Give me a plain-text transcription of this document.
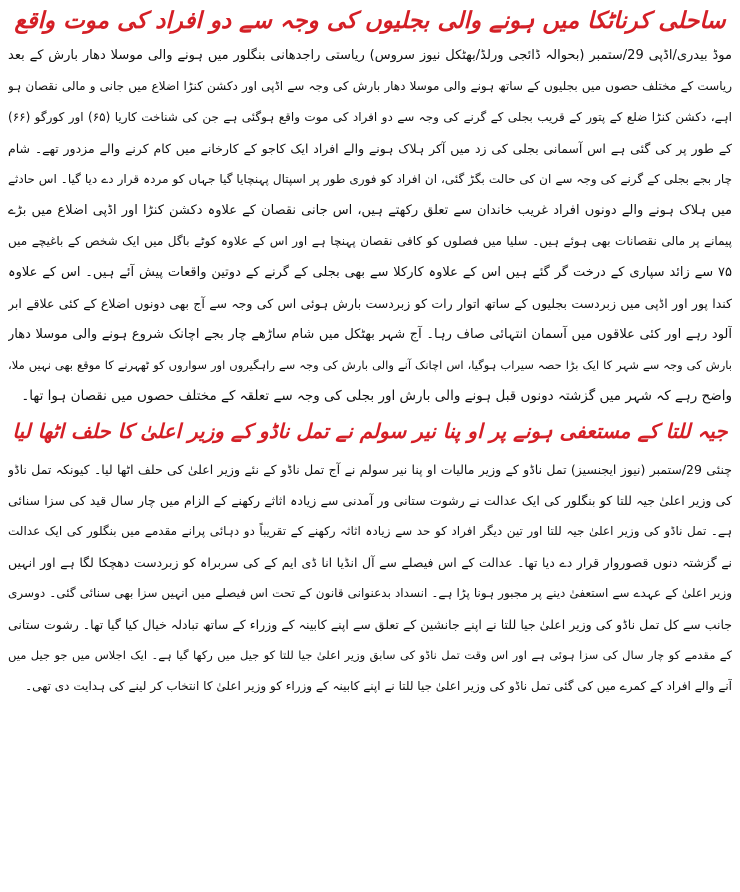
ساحلی کرناٹکا میں ہونے والی بجلیوں کی وجہ سے دو افراد کی موت واقع
موڈ بیدری/اڈپی 29/ستمبر (بحوالہ ڈائجی ورلڈ/بھٹکل نیوز سروس) ریاستی راجدھانی بنگلور میں ہونے والی موسلا دھار بارش کے بعد
ریاست کے مختلف حصوں میں بجلیوں کے ساتھ ہونے والی موسلا دھار بارش کی وجہ سے اڈپی اور دکشن کنڑا اضلاع میں جانی و مالی نقصان ہو
اہے، دکشن کنڑا ضلع کے پتور کے قریب بجلی کے گرنے کی وجہ سے دو افراد کی موت واقع ہوگئی ہے جن کی شناخت کاریا (۶۵) اور کورگو (۶۶)
کے طور پر کی گئی ہے اس آسمانی بجلی کی زد میں آکر ہلاک ہونے والے افراد ایک کاجو کے کارخانے میں کام کرنے والے مزدور تھے۔ شام
چار بجے بجلی کے گرنے کی وجہ سے ان کی حالت بگڑ گئی، ان افراد کو فوری طور پر اسپتال پہنچایا گیا جہاں کو مردہ قرار دے دیا گیا۔ اس حادثے
میں ہلاک ہونے والے دونوں افراد غریب خاندان سے تعلق رکھتے ہیں، اس جانی نقصان کے علاوہ دکشن کنڑا اور اڈپی اضلاع میں بڑے
پیمانے پر مالی نقصانات بھی ہوئے ہیں۔ سلیا میں فصلوں کو کافی نقصان پہنچا ہے اور اس کے علاوہ کوٹے باگل میں ایک شخص کے باغیچے میں
۷۵ سے زائد سپاری کے درخت گر گئے ہیں اس کے علاوہ کارکلا سے بھی بجلی کے گرنے کے دوتین واقعات پیش آئے ہیں۔ اس کے علاوہ
کندا پور اور اڈپی میں زبردست بجلیوں کے ساتھ اتوار رات کو زبردست بارش ہوئی اس کی وجہ سے آج بھی دونوں اضلاع کے کئی علاقے ابر
آلود رہے اور کئی علاقوں میں آسمان انتہائی صاف رہا۔ آج شہر بھٹکل میں شام ساڑھے چار بجے اچانک شروع ہونے والی موسلا دھار
بارش کی وجہ سے شہر کا ایک بڑا حصہ سیراب ہوگیا، اس اچانک آنے والی بارش کی وجہ سے راہگیروں اور سواروں کو ٹھہرنے کا موقع بھی نہیں ملا،
واضح رہے کہ شہر میں گزشتہ دونوں قبل ہونے والی بارش اور بجلی کی وجہ سے تعلقہ کے مختلف حصوں میں نقصان ہوا تھا۔
جیہ للتا کے مستعفی ہونے پر او پنا نیر سولم نے تمل ناڈو کے وزیر اعلیٰ کا حلف اٹھا لیا
چنئی 29/ستمبر (نیوز ایجنسیز) تمل ناڈو کے وزیر مالیات او پنا نیر سولم نے آج تمل ناڈو کے نئے وزیر اعلیٰ کی حلف اٹھا لیا۔ کیونکہ تمل ناڈو
کی وزیر اعلیٰ جیہ للتا کو بنگلور کی ایک عدالت نے رشوت ستانی ور آمدنی سے زیادہ اثاثے رکھنے کے الزام میں چار سال قید کی سزا سنائی
ہے۔ تمل ناڈو کی وزیر اعلیٰ جیہ للتا اور تین دیگر افراد کو حد سے زیادہ اثاثہ رکھنے کے تقریباً دو دہائی پرانے مقدمے میں بنگلور کی ایک عدالت
نے گزشتہ دنوں قصوروار قرار دے دیا تھا۔ عدالت کے اس فیصلے سے آل انڈیا انا ڈی ایم کے کی سربراہ کو زبردست دھچکا لگا ہے اور انہیں
وزیر اعلیٰ کے عہدے سے استعفیٰ دینے پر مجبور ہونا پڑا ہے۔ انسداد بدعنوانی قانون کے تحت اس فیصلے میں انہیں سزا بھی سنائی گئی۔ دوسری
جانب سے کل تمل ناڈو کی وزیر اعلیٰ جیا للتا نے اپنے جانشین کے تعلق سے اپنے کابینہ کے وزراء کے ساتھ تبادلہ خیال کیا گیا تھا۔ رشوت ستانی
کے مقدمے کو چار سال کی سزا ہوئی ہے اور اس وقت تمل ناڈو کی سابق وزیر اعلیٰ جیا للتا کو جیل میں رکھا گیا ہے۔ ایک اجلاس میں جو جیل میں
آنے والے افراد کے کمرے میں کی گئی تمل ناڈو کی وزیر اعلیٰ جیا للتا نے اپنے کابینہ کے وزراء کو وزیر اعلیٰ کا انتخاب کر لینے کی ہدایت دی تھی۔
